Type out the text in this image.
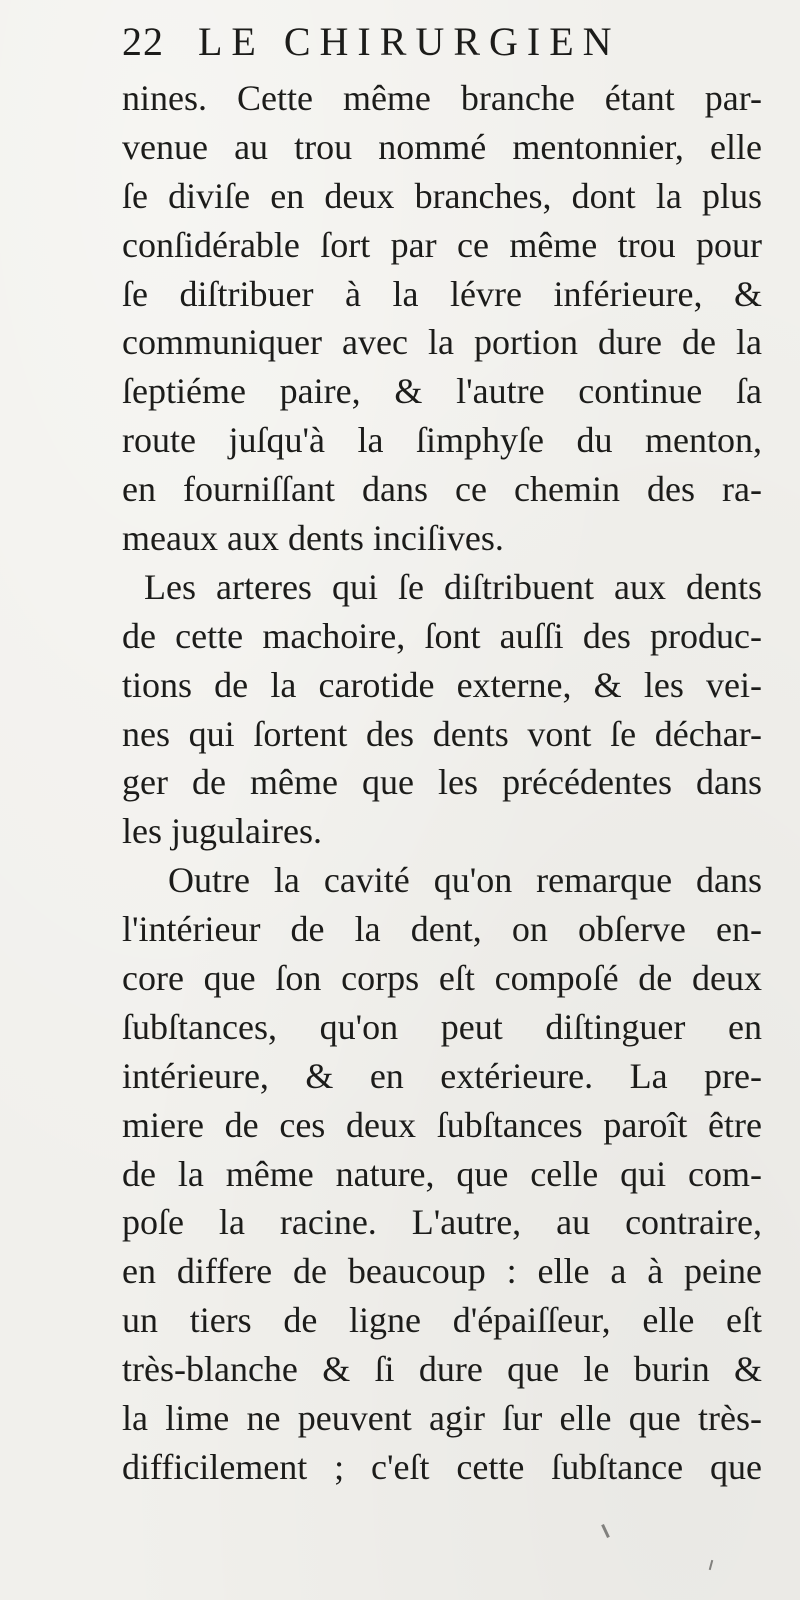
22 LE CHIRURGIEN
nines. Cette même branche étant par-
venue au trou nommé mentonnier, elle
ſe diviſe en deux branches, dont la plus
conſidérable ſort par ce même trou pour
ſe diſtribuer à la lévre inférieure, &
communiquer avec la portion dure de la
ſeptiéme paire, & l'autre continue ſa
route juſqu'à la ſimphyſe du menton,
en fourniſſant dans ce chemin des ra-
meaux aux dents inciſives.
Les arteres qui ſe diſtribuent aux dents
de cette machoire, ſont auſſi des produc-
tions de la carotide externe, & les vei-
nes qui ſortent des dents vont ſe déchar-
ger de même que les précédentes dans
les jugulaires.
Outre la cavité qu'on remarque dans
l'intérieur de la dent, on obſerve en-
core que ſon corps eſt compoſé de deux
ſubſtances, qu'on peut diſtinguer en
intérieure, & en extérieure. La pre-
miere de ces deux ſubſtances paroît être
de la même nature, que celle qui com-
poſe la racine. L'autre, au contraire,
en differe de beaucoup : elle a à peine
un tiers de ligne d'épaiſſeur, elle eſt
très-blanche & ſi dure que le burin &
la lime ne peuvent agir ſur elle que très-
difficilement ; c'eſt cette ſubſtance que
